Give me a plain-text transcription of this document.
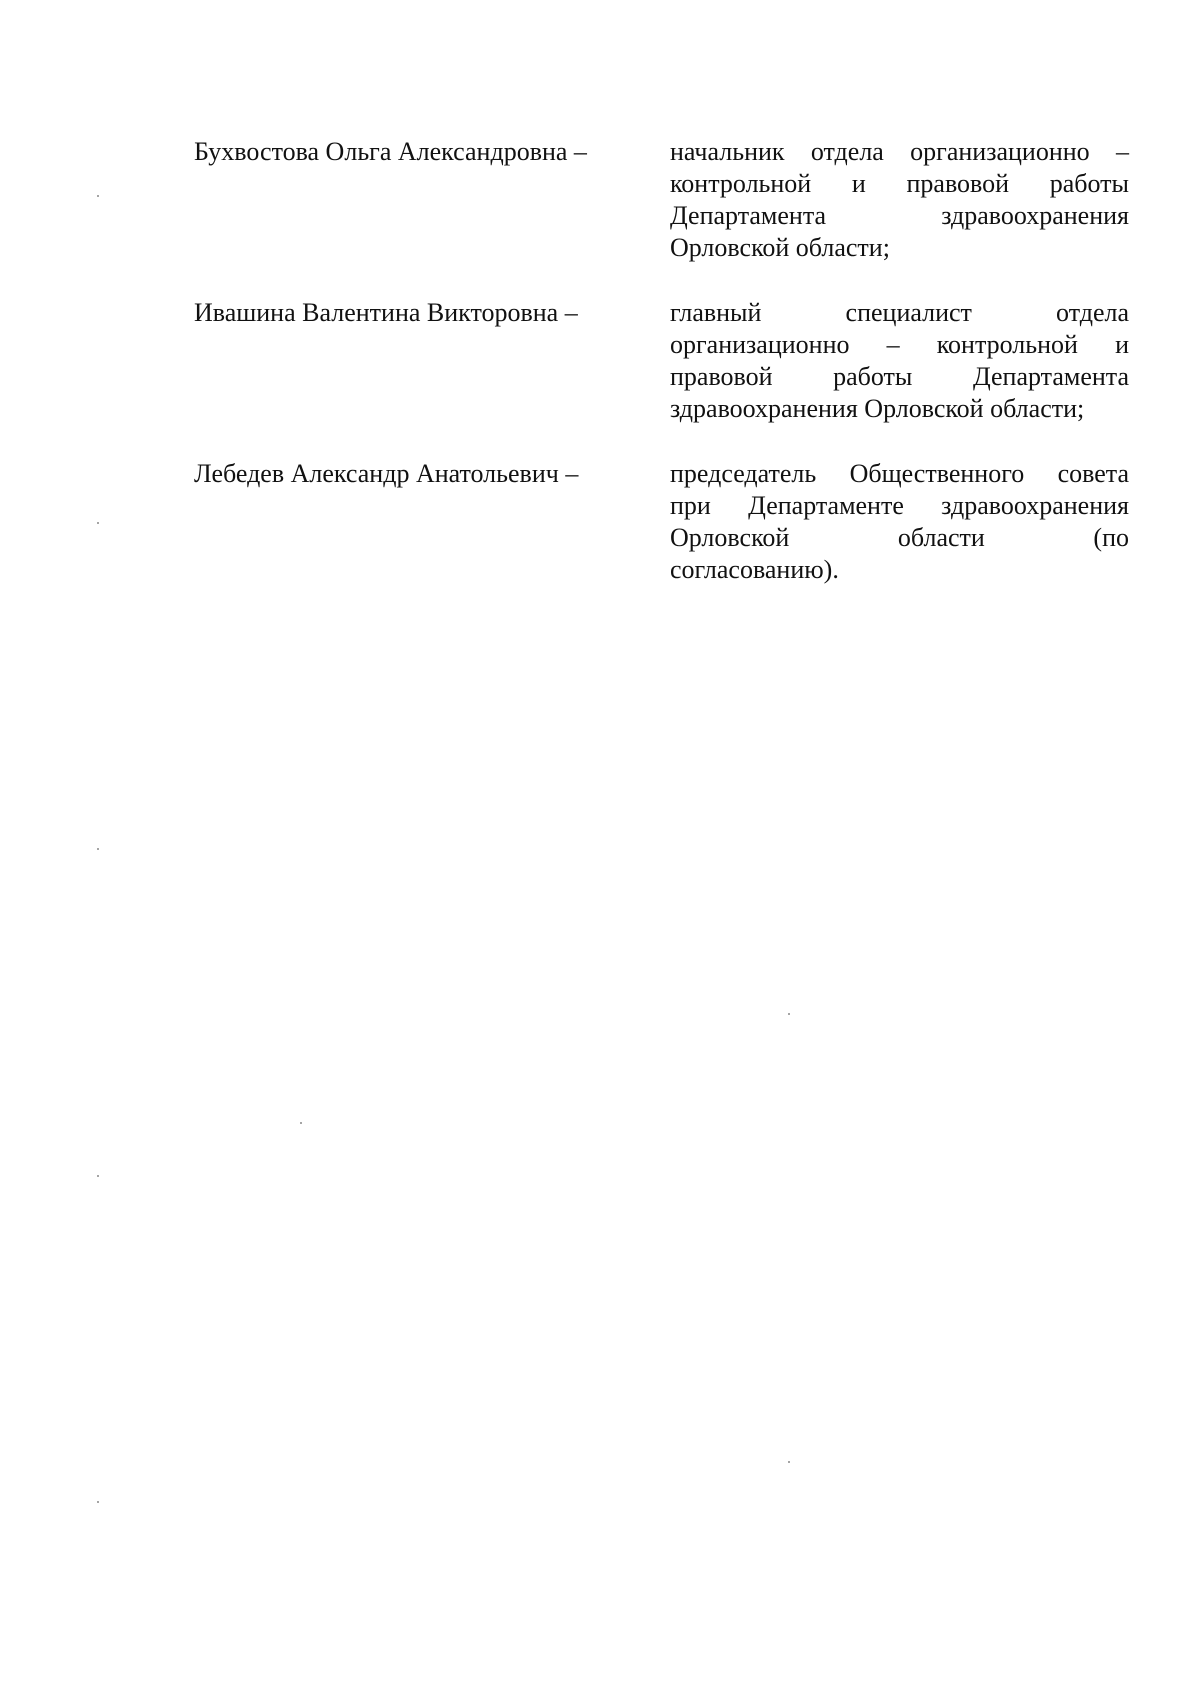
Бухвостова Ольга Александровна –	начальник отдела организационно –
контрольной и правовой работы
Департамента здравоохранения
Орловской области;
Ивашина Валентина Викторовна –	главный специалист отдела
организационно – контрольной и
правовой работы Департамента
здравоохранения Орловской области;
Лебедев Александр Анатольевич –	председатель Общественного совета
при Департаменте здравоохранения
Орловской области (по
согласованию).
